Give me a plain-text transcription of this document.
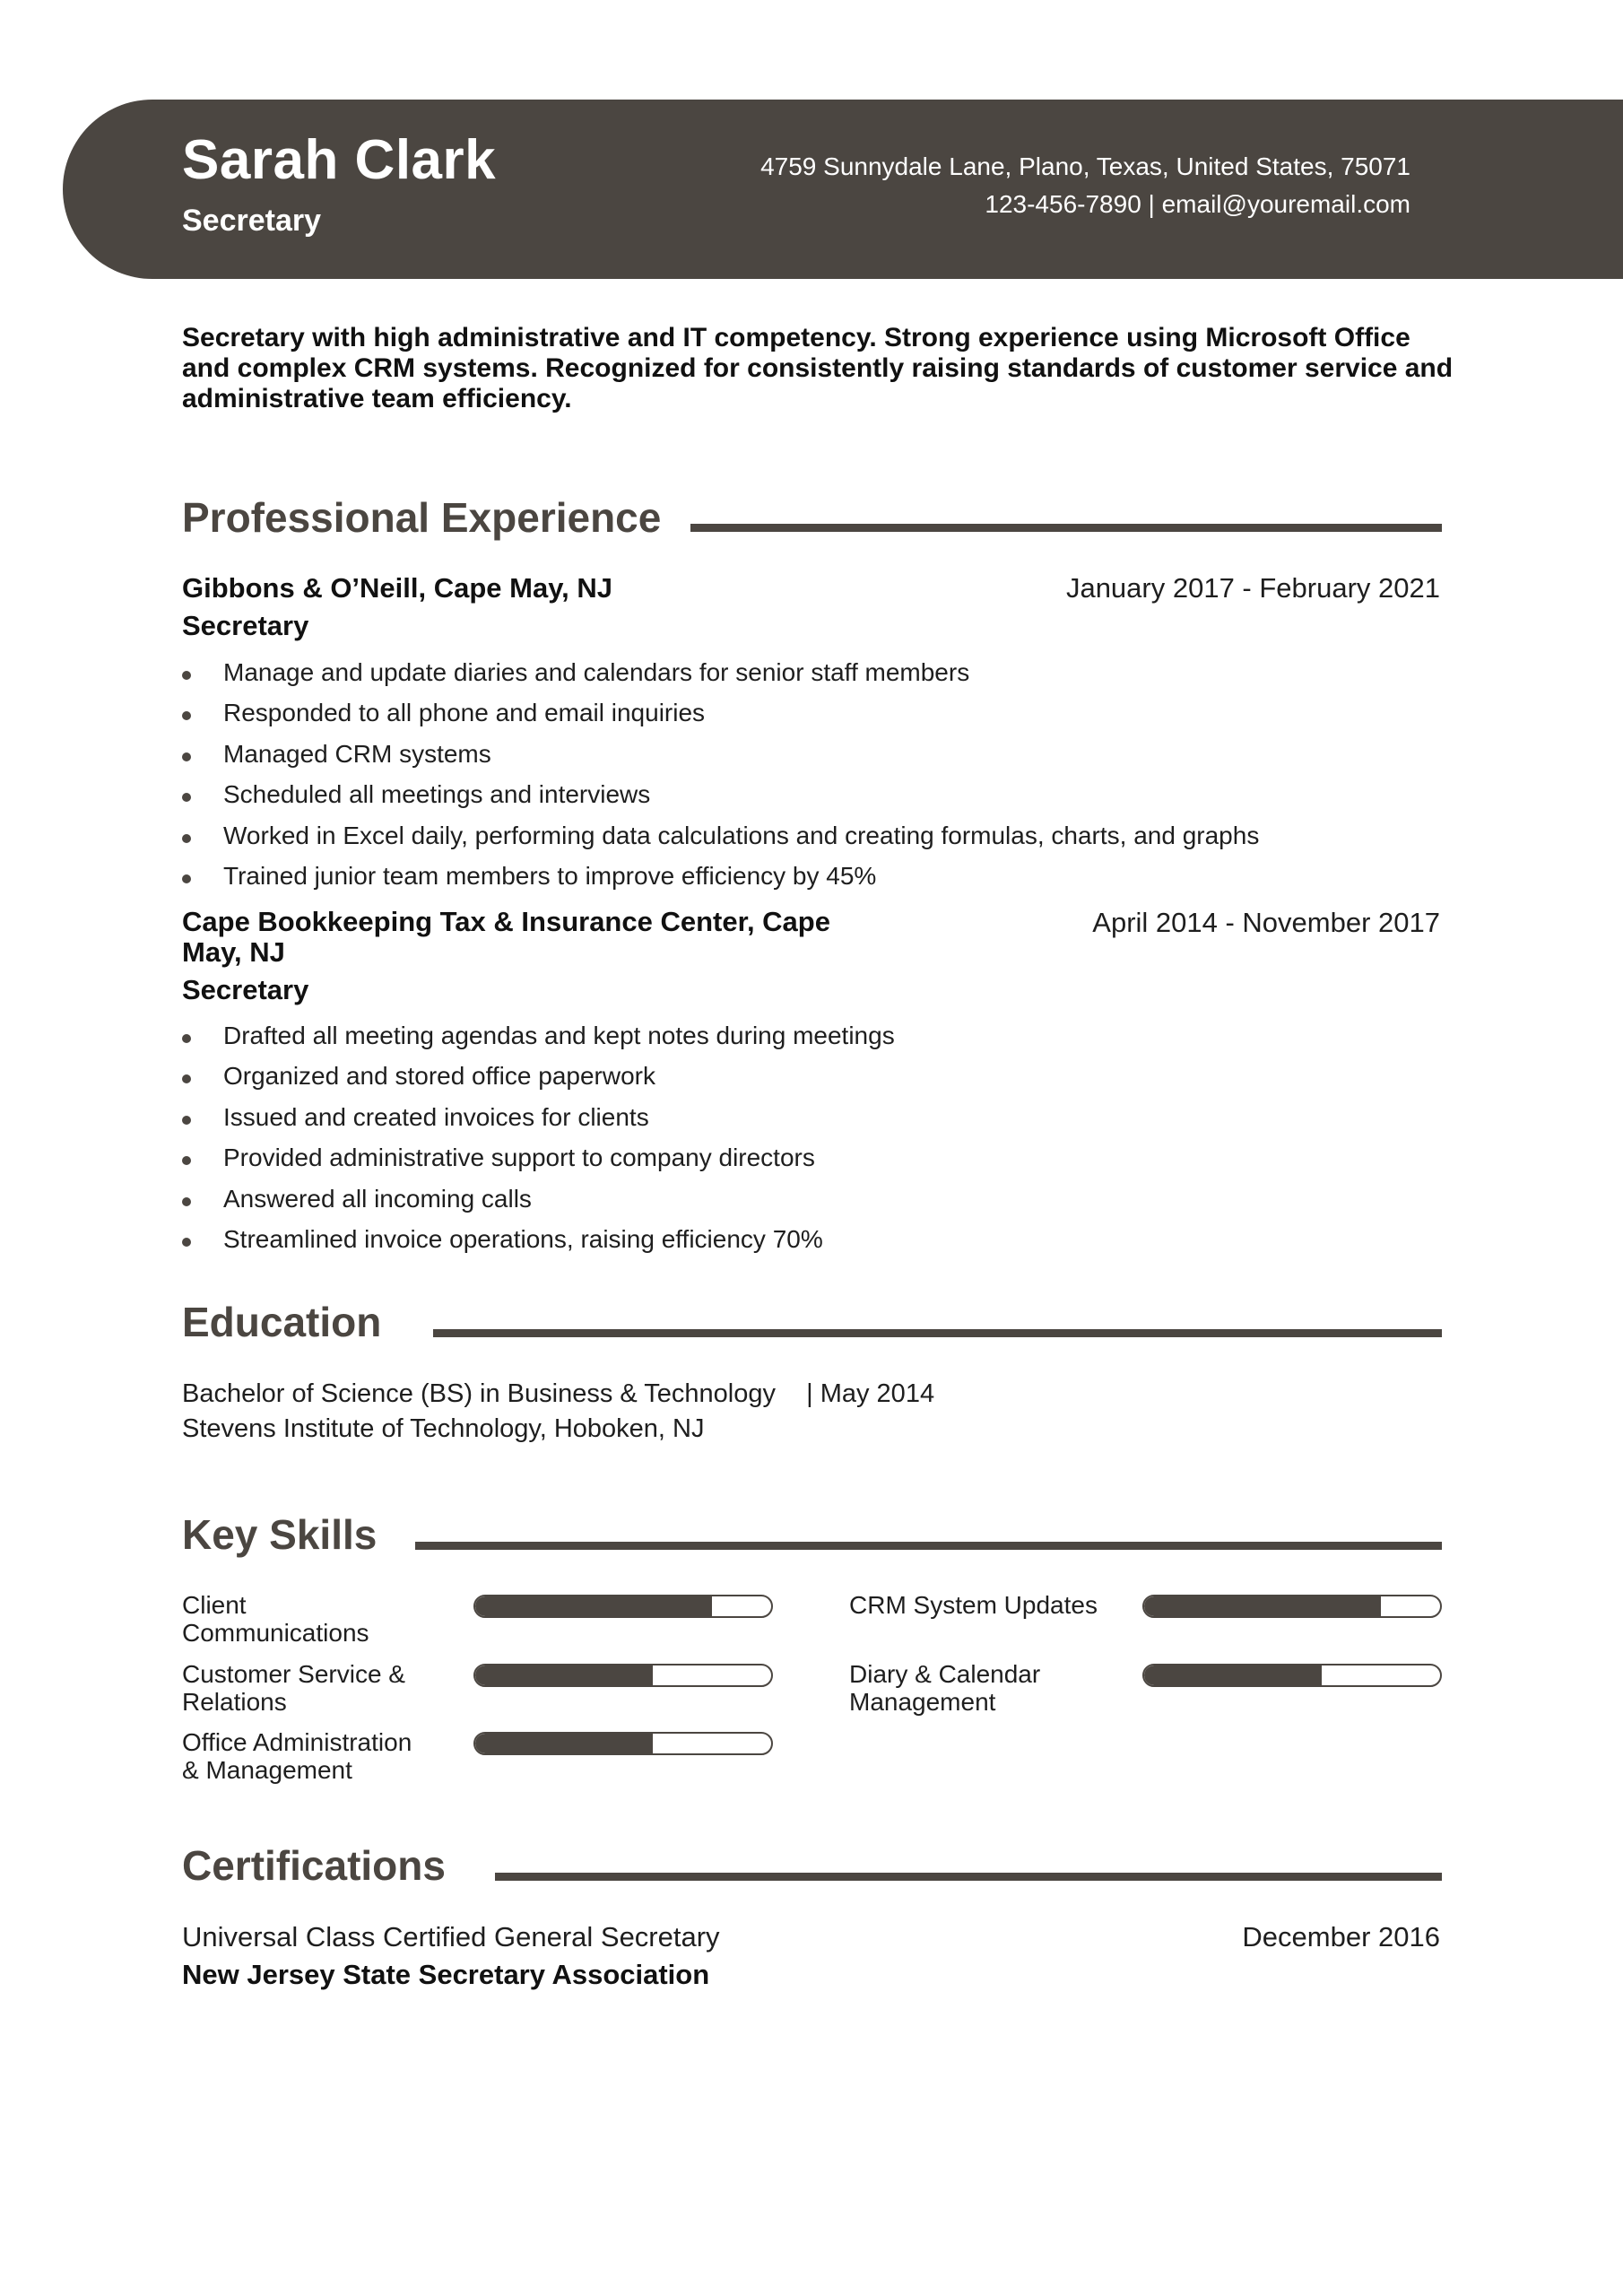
Sarah Clark
Secretary
4759 Sunnydale Lane, Plano, Texas, United States, 75071
123-456-7890 | email@youremail.com
Secretary with high administrative and IT competency. Strong experience using Microsoft Office and complex CRM systems. Recognized for consistently raising standards of customer service and administrative team efficiency.
Professional Experience
Gibbons & O’Neill, Cape May, NJ	January 2017 - February 2021
Secretary
Manage and update diaries and calendars for senior staff members
Responded to all phone and email inquiries
Managed CRM systems
Scheduled all meetings and interviews
Worked in Excel daily, performing data calculations and creating formulas, charts, and graphs
Trained junior team members to improve efficiency by 45%
Cape Bookkeeping Tax & Insurance Center, Cape
May, NJ
April 2014 - November 2017
Secretary
Drafted all meeting agendas and kept notes during meetings
Organized and stored office paperwork
Issued and created invoices for clients
Provided administrative support to company directors
Answered all incoming calls
Streamlined invoice operations, raising efficiency 70%
Education
Bachelor of Science (BS) in Business & Technology | May 2014
Stevens Institute of Technology, Hoboken, NJ
Key Skills
Client
Communications
CRM System Updates
Customer Service &
Relations
Diary & Calendar
Management
Office Administration
& Management
Certifications
Universal Class Certified General Secretary	December 2016
New Jersey State Secretary Association
